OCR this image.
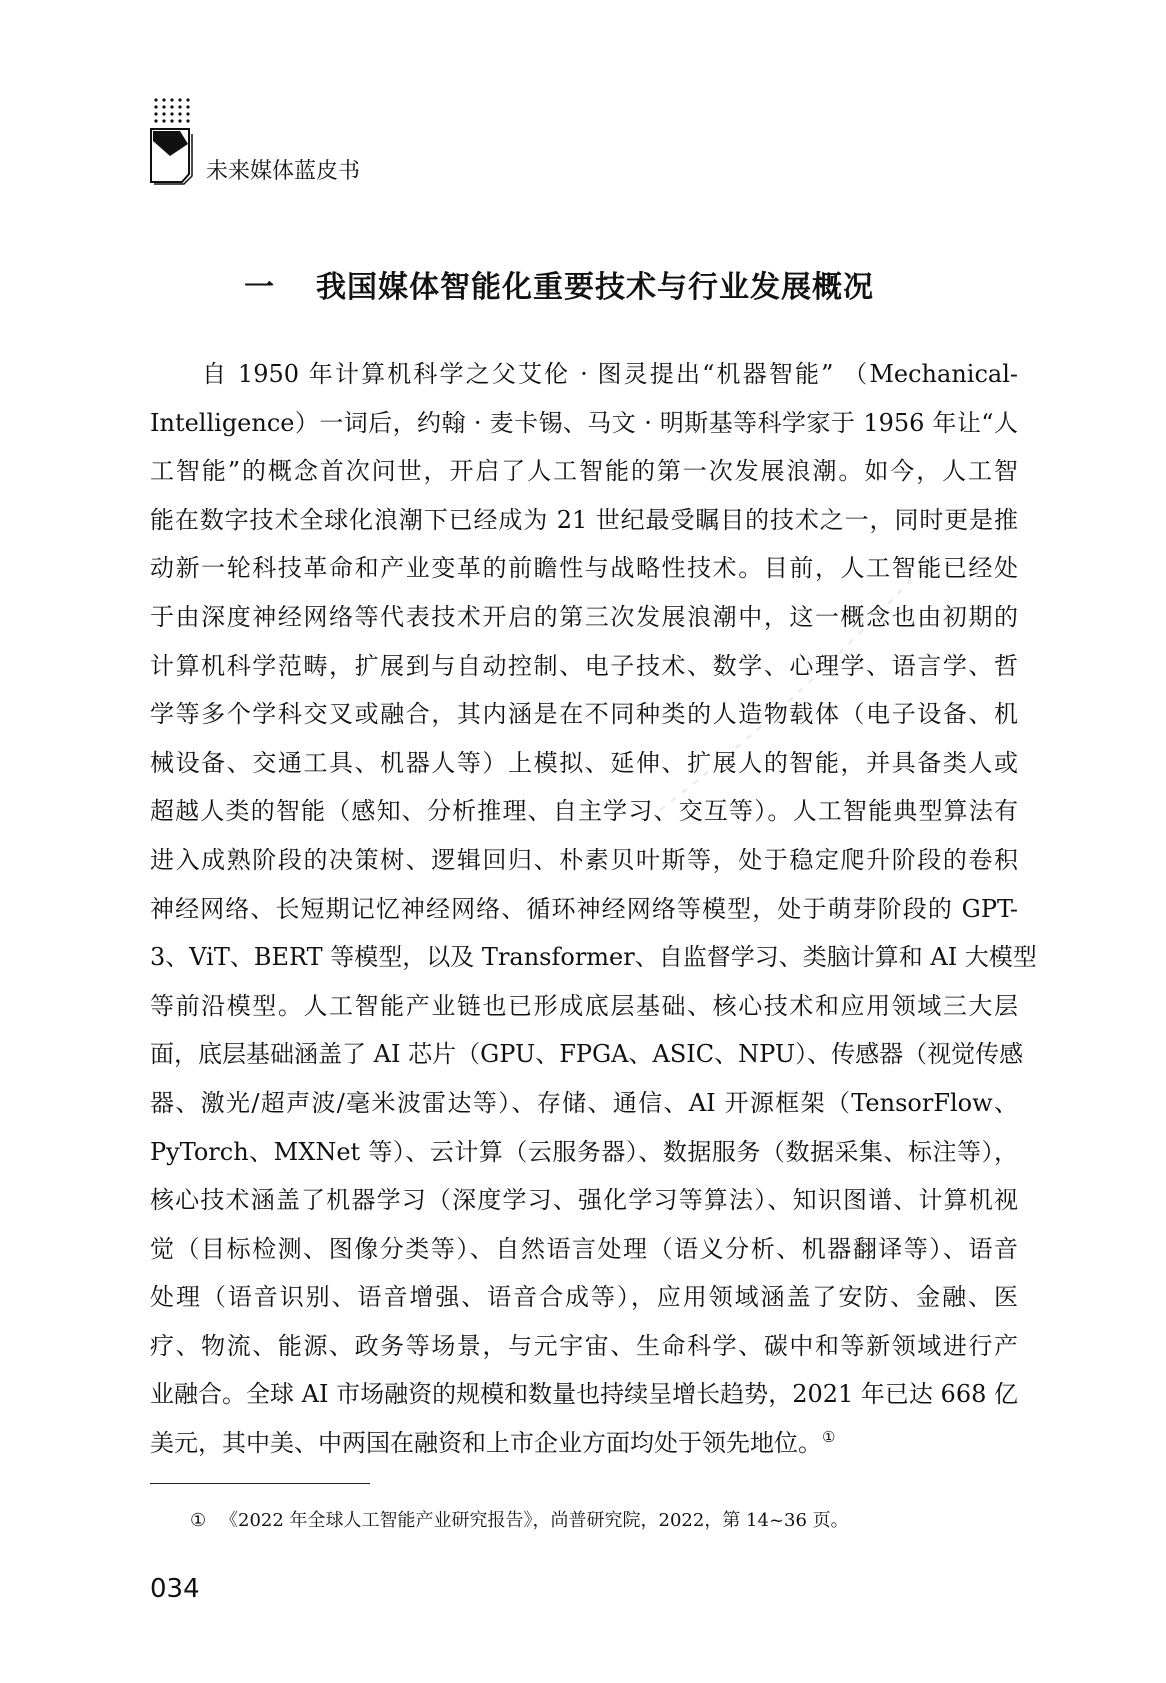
未来媒体蓝皮书
一 我国媒体智能化重要技术与行业发展概况
自 1950 年计算机科学之父艾伦 · 图灵提出“机器智能” （Mechanical-
Intelligence）一词后，约翰 · 麦卡锡、马文 · 明斯基等科学家于 1956 年让“人
工智能”的概念首次问世，开启了人工智能的第一次发展浪潮。如今，人工智
能在数字技术全球化浪潮下已经成为 21 世纪最受瞩目的技术之一，同时更是推
动新一轮科技革命和产业变革的前瞻性与战略性技术。目前，人工智能已经处
于由深度神经网络等代表技术开启的第三次发展浪潮中，这一概念也由初期的
计算机科学范畴，扩展到与自动控制、电子技术、数学、心理学、语言学、哲
学等多个学科交叉或融合，其内涵是在不同种类的人造物载体（电子设备、机
械设备、交通工具、机器人等）上模拟、延伸、扩展人的智能，并具备类人或
超越人类的智能（感知、分析推理、自主学习、交互等）。人工智能典型算法有
进入成熟阶段的决策树、逻辑回归、朴素贝叶斯等，处于稳定爬升阶段的卷积
神经网络、长短期记忆神经网络、循环神经网络等模型，处于萌芽阶段的 GPT-
3、ViT、BERT 等模型，以及 Transformer、自监督学习、类脑计算和 AI 大模型
等前沿模型。人工智能产业链也已形成底层基础、核心技术和应用领域三大层
面，底层基础涵盖了 AI 芯片（GPU、FPGA、ASIC、NPU）、传感器（视觉传感
器、激光/超声波/毫米波雷达等）、存储、通信、AI 开源框架（TensorFlow、
PyTorch、MXNet 等）、云计算（云服务器）、数据服务（数据采集、标注等），
核心技术涵盖了机器学习（深度学习、强化学习等算法）、知识图谱、计算机视
觉（目标检测、图像分类等）、自然语言处理（语义分析、机器翻译等）、语音
处理（语音识别、语音增强、语音合成等），应用领域涵盖了安防、金融、医
疗、物流、能源、政务等场景，与元宇宙、生命科学、碳中和等新领域进行产
业融合。全球 AI 市场融资的规模和数量也持续呈增长趋势，2021 年已达 668 亿
美元，其中美、中两国在融资和上市企业方面均处于领先地位。①
① 《2022 年全球人工智能产业研究报告》，尚普研究院，2022，第 14~36 页。
034
